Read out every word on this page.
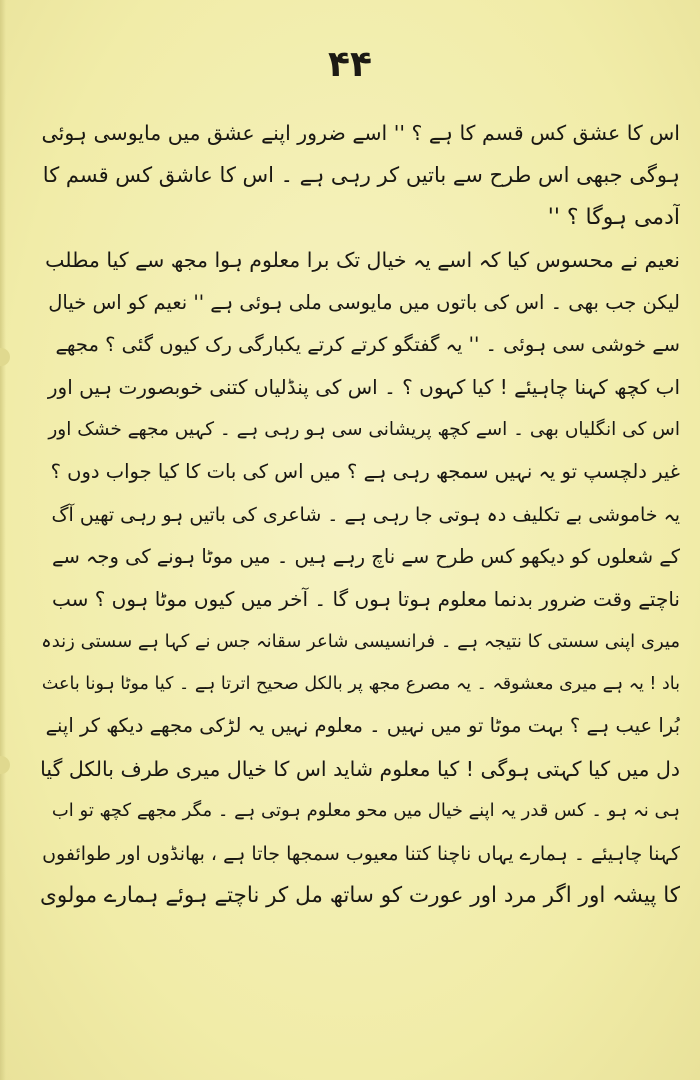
۴۴
اس کا عشق کس قسم کا ہے ؟ '' اسے ضرور اپنے عشق میں مایوسی ہوئی
ہوگی جبھی اس طرح سے باتیں کر رہی ہے ۔ اس کا عاشق کس قسم کا
آدمی ہوگا ؟ ''
نعیم نے محسوس کیا کہ اسے یہ خیال تک برا معلوم ہوا مجھ سے کیا مطلب
لیکن جب بھی ۔ اس کی باتوں میں مایوسی ملی ہوئی ہے '' نعیم کو اس خیال
سے خوشی سی ہوئی ۔ '' یہ گفتگو کرتے کرتے یکبارگی رک کیوں گئی ؟ مجھے
اب کچھ کہنا چاہیئے ! کیا کہوں ؟ ۔ اس کی پنڈلیاں کتنی خوبصورت ہیں اور
اس کی انگلیاں بھی ۔ اسے کچھ پریشانی سی ہو رہی ہے ۔ کہیں مجھے خشک اور
غیر دلچسپ تو یہ نہیں سمجھ رہی ہے ؟ میں اس کی بات کا کیا جواب دوں ؟
یہ خاموشی بے تکلیف دہ ہوتی جا رہی ہے ۔ شاعری کی باتیں ہو رہی تھیں آگ
کے شعلوں کو دیکھو کس طرح سے ناچ رہے ہیں ۔ میں موٹا ہونے کی وجہ سے
ناچتے وقت ضرور بدنما معلوم ہوتا ہوں گا ۔ آخر میں کیوں موٹا ہوں ؟ سب
میری اپنی سستی کا نتیجہ ہے ۔ فرانسیسی شاعر سقانہ جس نے کہا ہے سستی زندہ
باد ! یہ ہے میری معشوقہ ۔ یہ مصرع مجھ پر بالکل صحیح اترتا ہے ۔ کیا موٹا ہونا باعث
بُرا عیب ہے ؟ بہت موٹا تو میں نہیں ۔ معلوم نہیں یہ لڑکی مجھے دیکھ کر اپنے
دل میں کیا کہتی ہوگی ! کیا معلوم شاید اس کا خیال میری طرف بالکل گیا
ہی نہ ہو ۔ کس قدر یہ اپنے خیال میں محو معلوم ہوتی ہے ۔ مگر مجھے کچھ تو اب
کہنا چاہیئے ۔ ہمارے یہاں ناچنا کتنا معیوب سمجھا جاتا ہے ، بھانڈوں اور طوائفوں
کا پیشہ اور اگر مرد اور عورت کو ساتھ مل کر ناچتے ہوئے ہمارے مولوی
